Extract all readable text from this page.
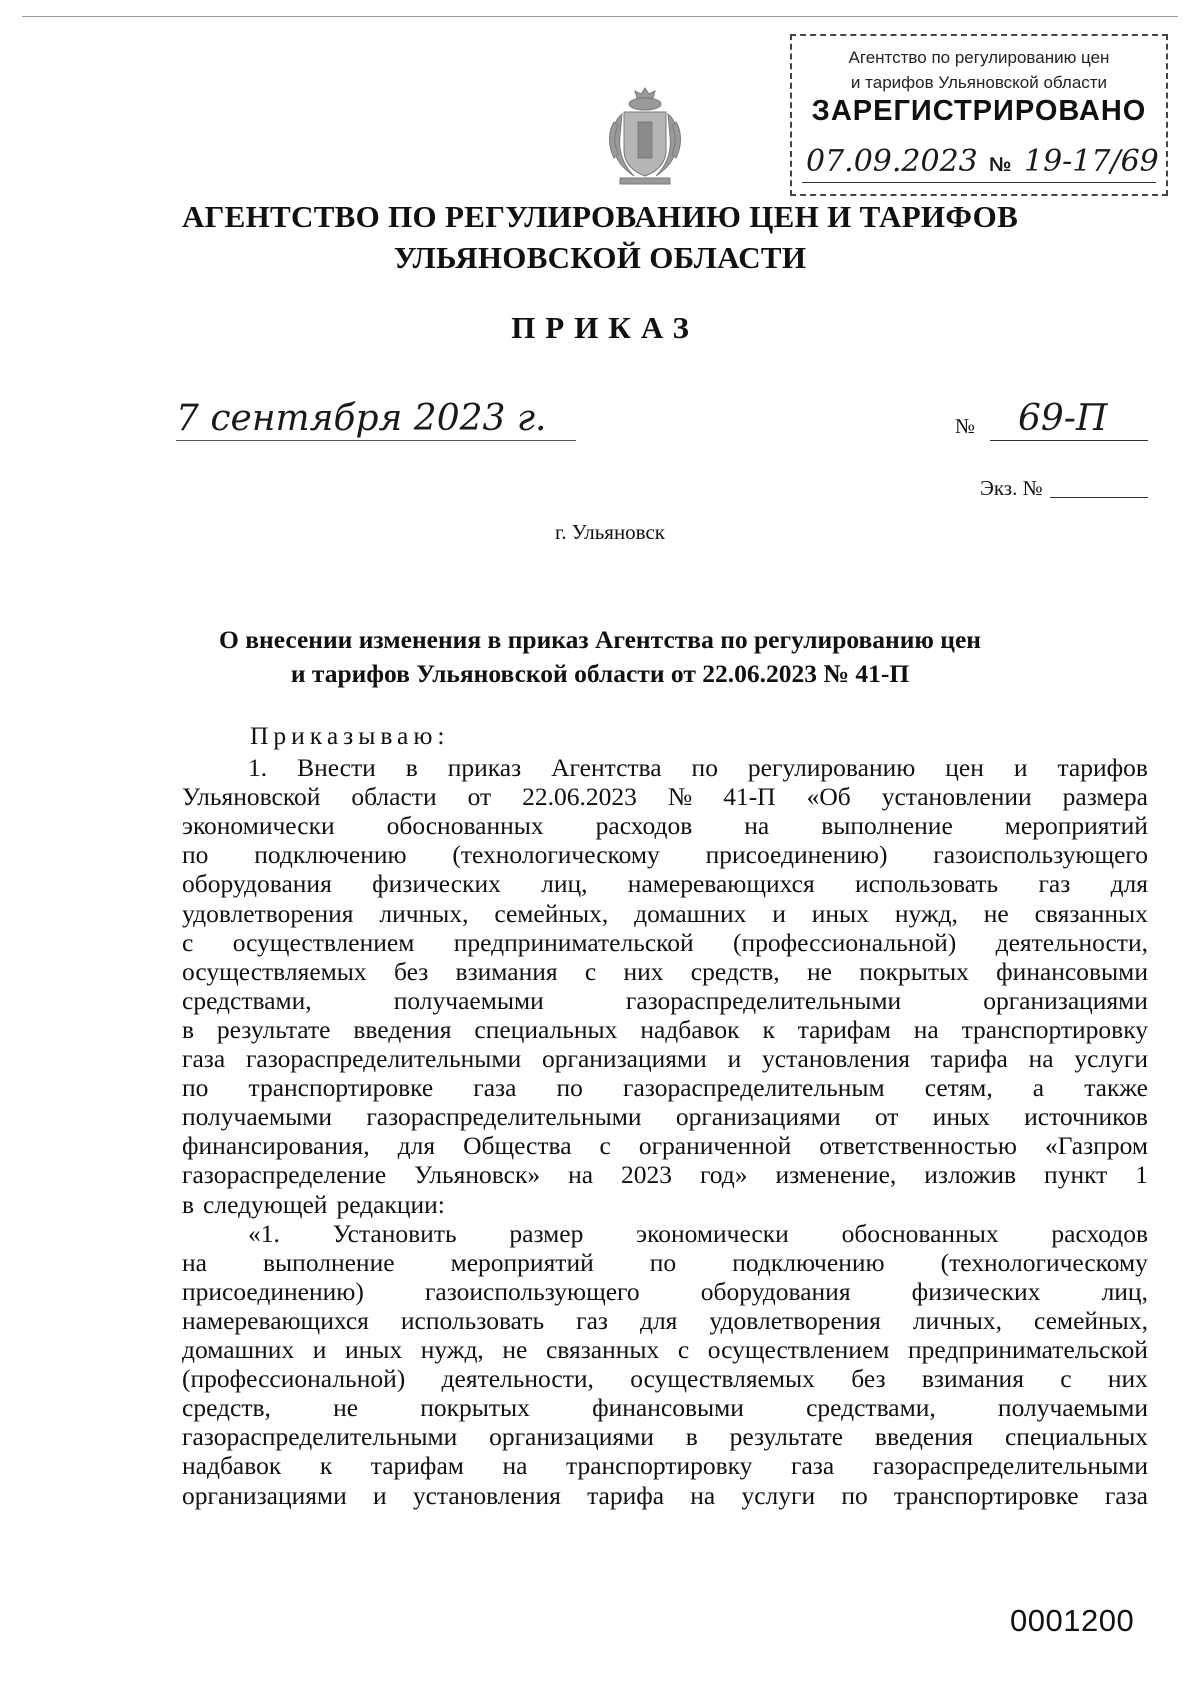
Агентство по регулированию цен
и тарифов Ульяновской области
ЗАРЕГИСТРИРОВАНО
07.09.2023 № 19-17/69
АГЕНТСТВО ПО РЕГУЛИРОВАНИЮ ЦЕН И ТАРИФОВ
УЛЬЯНОВСКОЙ ОБЛАСТИ
ПРИКАЗ
7 сентября 2023 г.	№ 69-П
Экз. №
г. Ульяновск
О внесении изменения в приказ Агентства по регулированию цен
и тарифов Ульяновской области от 22.06.2023 № 41-П
Приказываю:
1. Внести в приказ Агентства по регулированию цен и тарифов
Ульяновской области от 22.06.2023 № 41-П «Об установлении размера
экономически обоснованных расходов на выполнение мероприятий
по подключению (технологическому присоединению) газоиспользующего
оборудования физических лиц, намеревающихся использовать газ для
удовлетворения личных, семейных, домашних и иных нужд, не связанных
с осуществлением предпринимательской (профессиональной) деятельности,
осуществляемых без взимания с них средств, не покрытых финансовыми
средствами,	получаемыми	газораспределительными	организациями
в результате введения специальных надбавок к тарифам на транспортировку
газа газораспределительными организациями и установления тарифа на услуги
по транспортировке газа по газораспределительным сетям, а также
получаемыми газораспределительными организациями от иных источников
финансирования, для Общества с ограниченной ответственностью «Газпром
газораспределение Ульяновск» на 2023 год» изменение, изложив пункт 1
в следующей редакции:
«1. Установить размер экономически обоснованных расходов
на выполнение мероприятий по подключению (технологическому
присоединению) газоиспользующего оборудования физических лиц,
намеревающихся использовать газ для удовлетворения личных, семейных,
домашних и иных нужд, не связанных с осуществлением предпринимательской
(профессиональной) деятельности, осуществляемых без взимания с них
средств, не покрытых финансовыми средствами, получаемыми
газораспределительными организациями в результате введения специальных
надбавок к тарифам на транспортировку газа газораспределительными
организациями и установления тарифа на услуги по транспортировке газа
0001200
